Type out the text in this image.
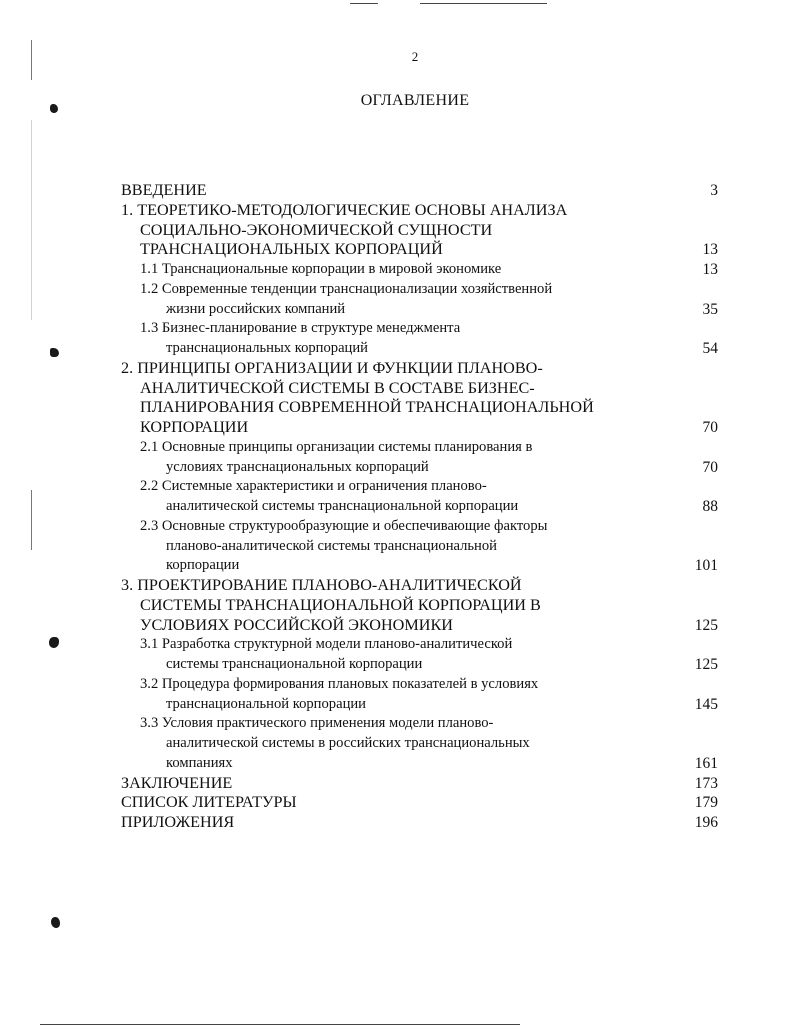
2
ОГЛАВЛЕНИЕ
ВВЕДЕНИЕ	3
1. ТЕОРЕТИКО-МЕТОДОЛОГИЧЕСКИЕ ОСНОВЫ АНАЛИЗА
СОЦИАЛЬНО-ЭКОНОМИЧЕСКОЙ СУЩНОСТИ
ТРАНСНАЦИОНАЛЬНЫХ КОРПОРАЦИЙ	13
1.1 Транснациональные корпорации в мировой экономике	13
1.2 Современные тенденции транснационализации хозяйственной
жизни российских компаний	35
1.3 Бизнес-планирование в структуре менеджмента
транснациональных корпораций	54
2. ПРИНЦИПЫ ОРГАНИЗАЦИИ И ФУНКЦИИ ПЛАНОВО-
АНАЛИТИЧЕСКОЙ СИСТЕМЫ В СОСТАВЕ БИЗНЕС-
ПЛАНИРОВАНИЯ СОВРЕМЕННОЙ ТРАНСНАЦИОНАЛЬНОЙ
КОРПОРАЦИИ	70
2.1 Основные принципы организации системы планирования в
условиях транснациональных корпораций	70
2.2 Системные характеристики и ограничения планово-
аналитической системы транснациональной корпорации	88
2.3 Основные структурообразующие и обеспечивающие факторы
планово-аналитической системы транснациональной
корпорации	101
3. ПРОЕКТИРОВАНИЕ ПЛАНОВО-АНАЛИТИЧЕСКОЙ
СИСТЕМЫ ТРАНСНАЦИОНАЛЬНОЙ КОРПОРАЦИИ В
УСЛОВИЯХ РОССИЙСКОЙ ЭКОНОМИКИ	125
3.1 Разработка структурной модели планово-аналитической
системы транснациональной корпорации	125
3.2 Процедура формирования плановых показателей в условиях
транснациональной корпорации	145
3.3 Условия практического применения модели планово-
аналитической системы в российских транснациональных
компаниях	161
ЗАКЛЮЧЕНИЕ	173
СПИСОК ЛИТЕРАТУРЫ	179
ПРИЛОЖЕНИЯ	196
